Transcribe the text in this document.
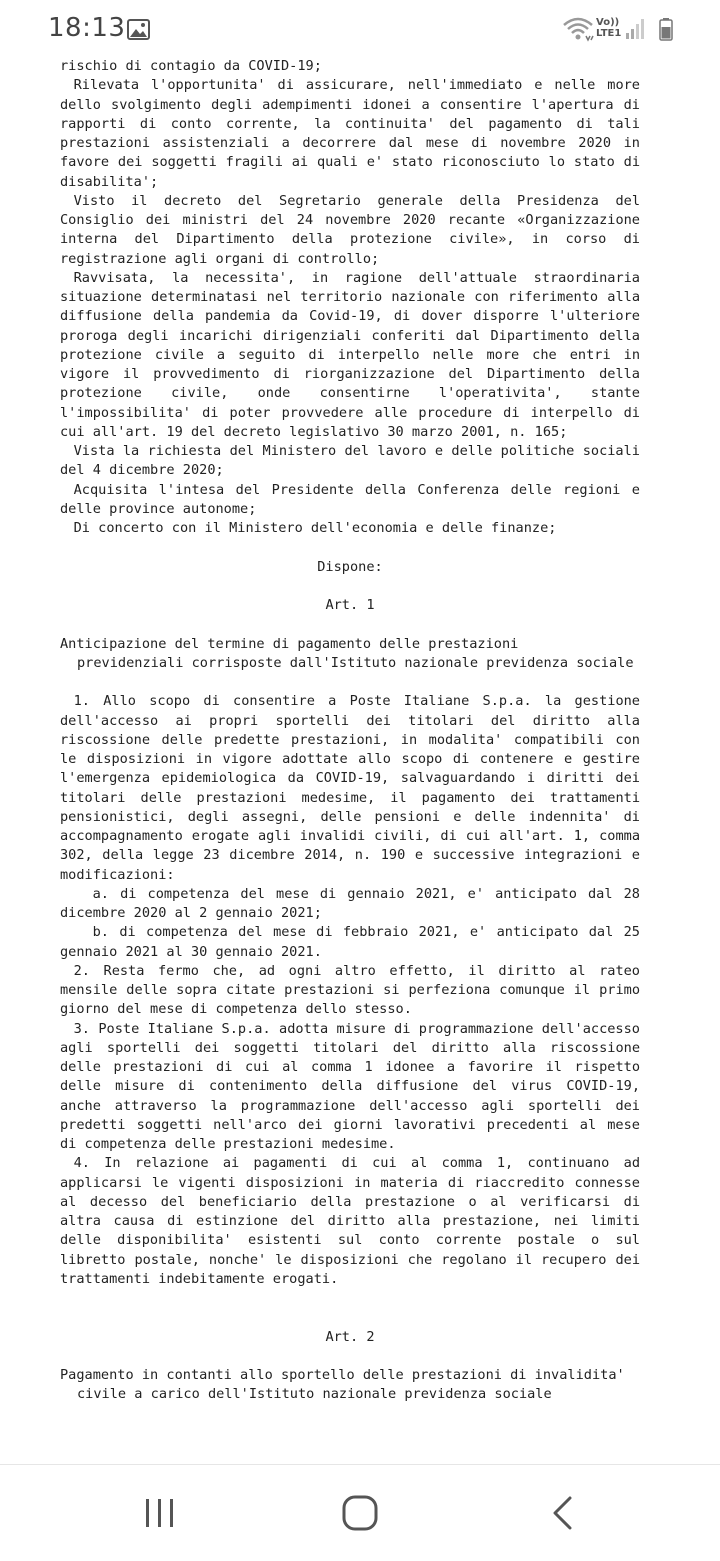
18:13	Vo))
LTE1
rischio di contagio da COVID-19;
Rilevata l'opportunita' di assicurare, nell'immediato e nelle more dello svolgimento degli adempimenti idonei a consentire l'apertura di rapporti di conto corrente, la continuita' del pagamento di tali prestazioni assistenziali a decorrere dal mese di novembre 2020 in favore dei soggetti fragili ai quali e' stato riconosciuto lo stato di disabilita';
Visto il decreto del Segretario generale della Presidenza del Consiglio dei ministri del 24 novembre 2020 recante «Organizzazione interna del Dipartimento della protezione civile», in corso di registrazione agli organi di controllo;
Ravvisata, la necessita', in ragione dell'attuale straordinaria situazione determinatasi nel territorio nazionale con riferimento alla diffusione della pandemia da Covid-19, di dover disporre l'ulteriore proroga degli incarichi dirigenziali conferiti dal Dipartimento della protezione civile a seguito di interpello nelle more che entri in vigore il provvedimento di riorganizzazione del Dipartimento della protezione civile, onde consentirne l'operativita', stante l'impossibilita' di poter provvedere alle procedure di interpello di cui all'art. 19 del decreto legislativo 30 marzo 2001, n. 165;
Vista la richiesta del Ministero del lavoro e delle politiche sociali del 4 dicembre 2020;
Acquisita l'intesa del Presidente della Conferenza delle regioni e delle province autonome;
Di concerto con il Ministero dell'economia e delle finanze;
Dispone:
Art. 1
Anticipazione del termine di pagamento delle prestazioni
previdenziali corrisposte dall'Istituto nazionale previdenza sociale
1. Allo scopo di consentire a Poste Italiane S.p.a. la gestione dell'accesso ai propri sportelli dei titolari del diritto alla riscossione delle predette prestazioni, in modalita' compatibili con le disposizioni in vigore adottate allo scopo di contenere e gestire l'emergenza epidemiologica da COVID-19, salvaguardando i diritti dei titolari delle prestazioni medesime, il pagamento dei trattamenti pensionistici, degli assegni, delle pensioni e delle indennita' di accompagnamento erogate agli invalidi civili, di cui all'art. 1, comma 302, della legge 23 dicembre 2014, n. 190 e successive integrazioni e modificazioni:
a. di competenza del mese di gennaio 2021, e' anticipato dal 28 dicembre 2020 al 2 gennaio 2021;
b. di competenza del mese di febbraio 2021, e' anticipato dal 25 gennaio 2021 al 30 gennaio 2021.
2. Resta fermo che, ad ogni altro effetto, il diritto al rateo mensile delle sopra citate prestazioni si perfeziona comunque il primo giorno del mese di competenza dello stesso.
3. Poste Italiane S.p.a. adotta misure di programmazione dell'accesso agli sportelli dei soggetti titolari del diritto alla riscossione delle prestazioni di cui al comma 1 idonee a favorire il rispetto delle misure di contenimento della diffusione del virus COVID-19, anche attraverso la programmazione dell'accesso agli sportelli dei predetti soggetti nell'arco dei giorni lavorativi precedenti al mese di competenza delle prestazioni medesime.
4. In relazione ai pagamenti di cui al comma 1, continuano ad applicarsi le vigenti disposizioni in materia di riaccredito connesse al decesso del beneficiario della prestazione o al verificarsi di altra causa di estinzione del diritto alla prestazione, nei limiti delle disponibilita' esistenti sul conto corrente postale o sul libretto postale, nonche' le disposizioni che regolano il recupero dei trattamenti indebitamente erogati.
Art. 2
Pagamento in contanti allo sportello delle prestazioni di invalidita'
civile a carico dell'Istituto nazionale previdenza sociale
